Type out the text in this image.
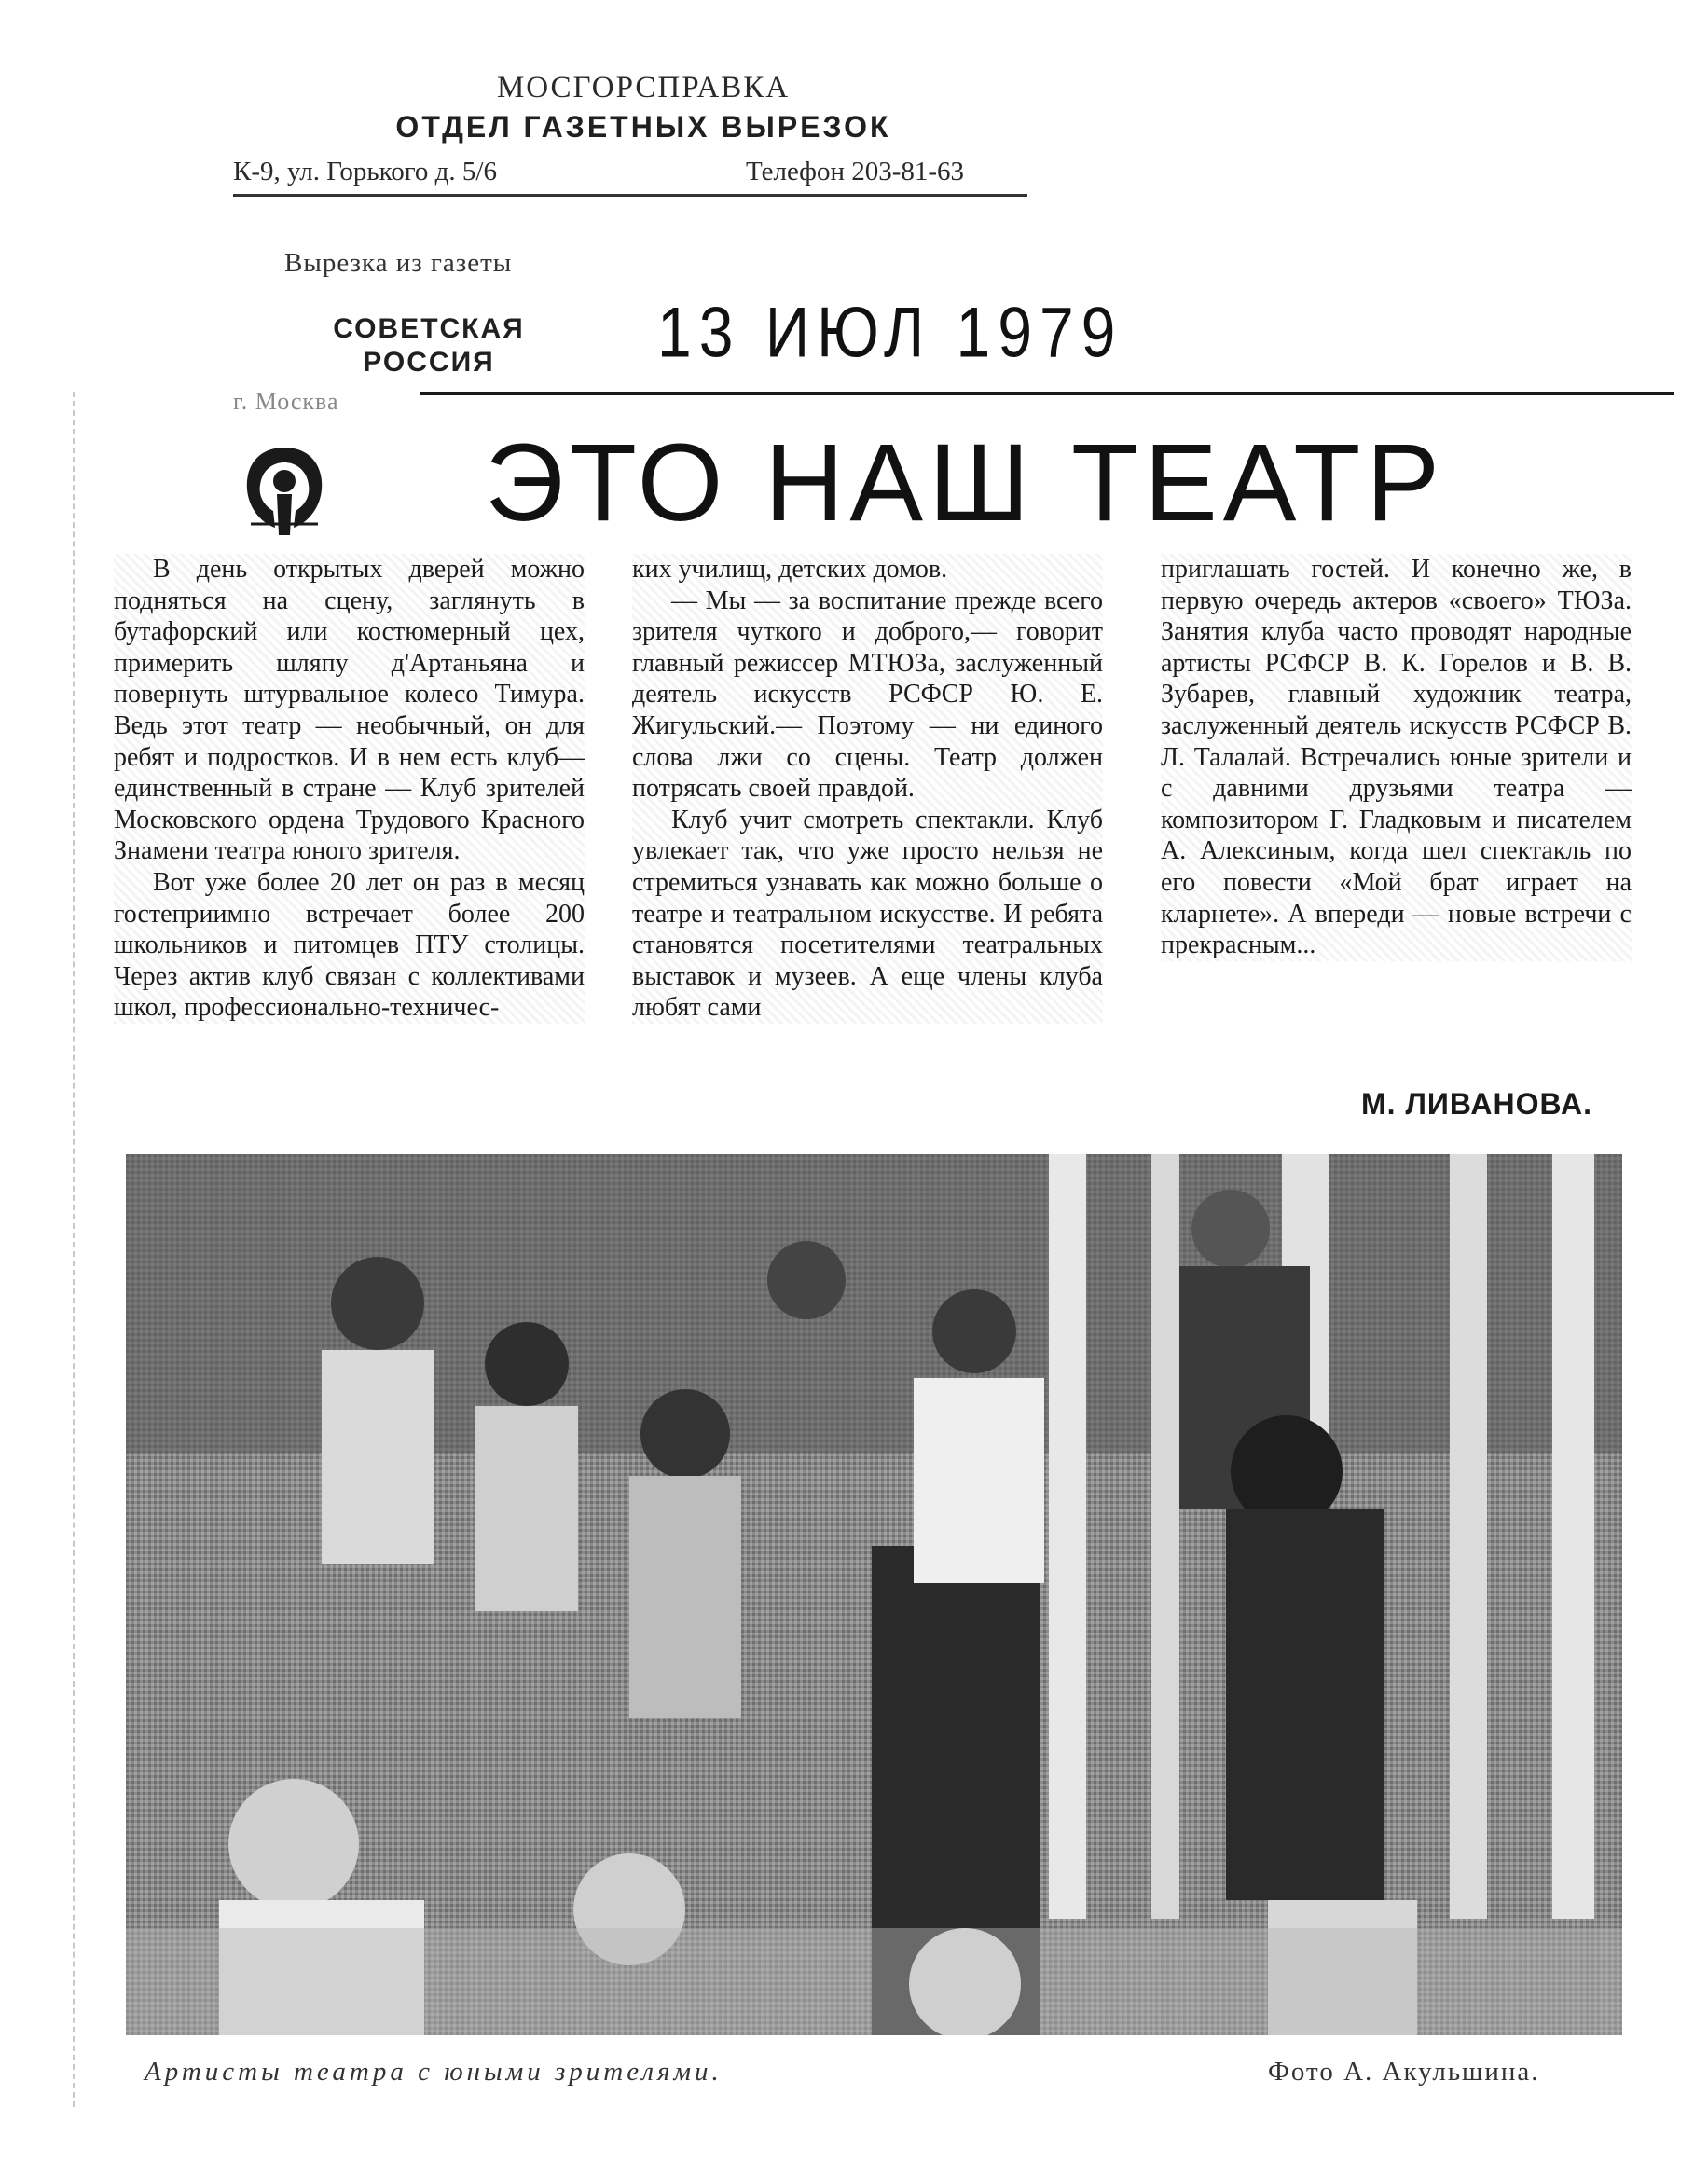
МОСГОРСПРАВКА
ОТДЕЛ ГАЗЕТНЫХ ВЫРЕЗОК
К-9, ул. Горького д. 5/6	Телефон 203-81-63
Вырезка из газеты
СОВЕТСКАЯ
РОССИЯ	13 ИЮЛ 1979
г. Москва
ЭТО НАШ ТЕАТР

В день открытых дверей можно подняться на сцену, заглянуть в бутафорский или костюмерный цех, примерить шляпу д'Артаньяна и повернуть штурвальное колесо Тимура. Ведь этот театр — необычный, он для ребят и подростков. И в нем есть клуб—единственный в стране — Клуб зрителей Московского ордена Трудового Красного Знамени театра юного зрителя.

Вот уже более 20 лет он раз в месяц гостеприимно встречает более 200 школьников и питомцев ПТУ столицы. Через актив клуб связан с коллективами школ, профессионально-техничес-

ких училищ, детских домов.

— Мы — за воспитание прежде всего зрителя чуткого и доброго,— говорит главный режиссер МТЮЗа, заслуженный деятель искусств РСФСР Ю. Е. Жигульский.— Поэтому — ни единого слова лжи со сцены. Театр должен потрясать своей правдой.

Клуб учит смотреть спектакли. Клуб увлекает так, что уже просто нельзя не стремиться узнавать как можно больше о театре и театральном искусстве. И ребята становятся посетителями театральных выставок и музеев. А еще члены клуба любят сами

приглашать гостей. И конечно же, в первую очередь актеров «своего» ТЮЗа. Занятия клуба часто проводят народные артисты РСФСР В. К. Горелов и В. В. Зубарев, главный художник театра, заслуженный деятель искусств РСФСР В. Л. Талалай. Встречались юные зрители и с давними друзьями театра —композитором Г. Гладковым и писателем А. Алексиным, когда шел спектакль по его повести «Мой брат играет на кларнете». А впереди — новые встречи с прекрасным...

М. ЛИВАНОВА.
Артисты театра с юными зрителями.	Фото А. Акульшина.
